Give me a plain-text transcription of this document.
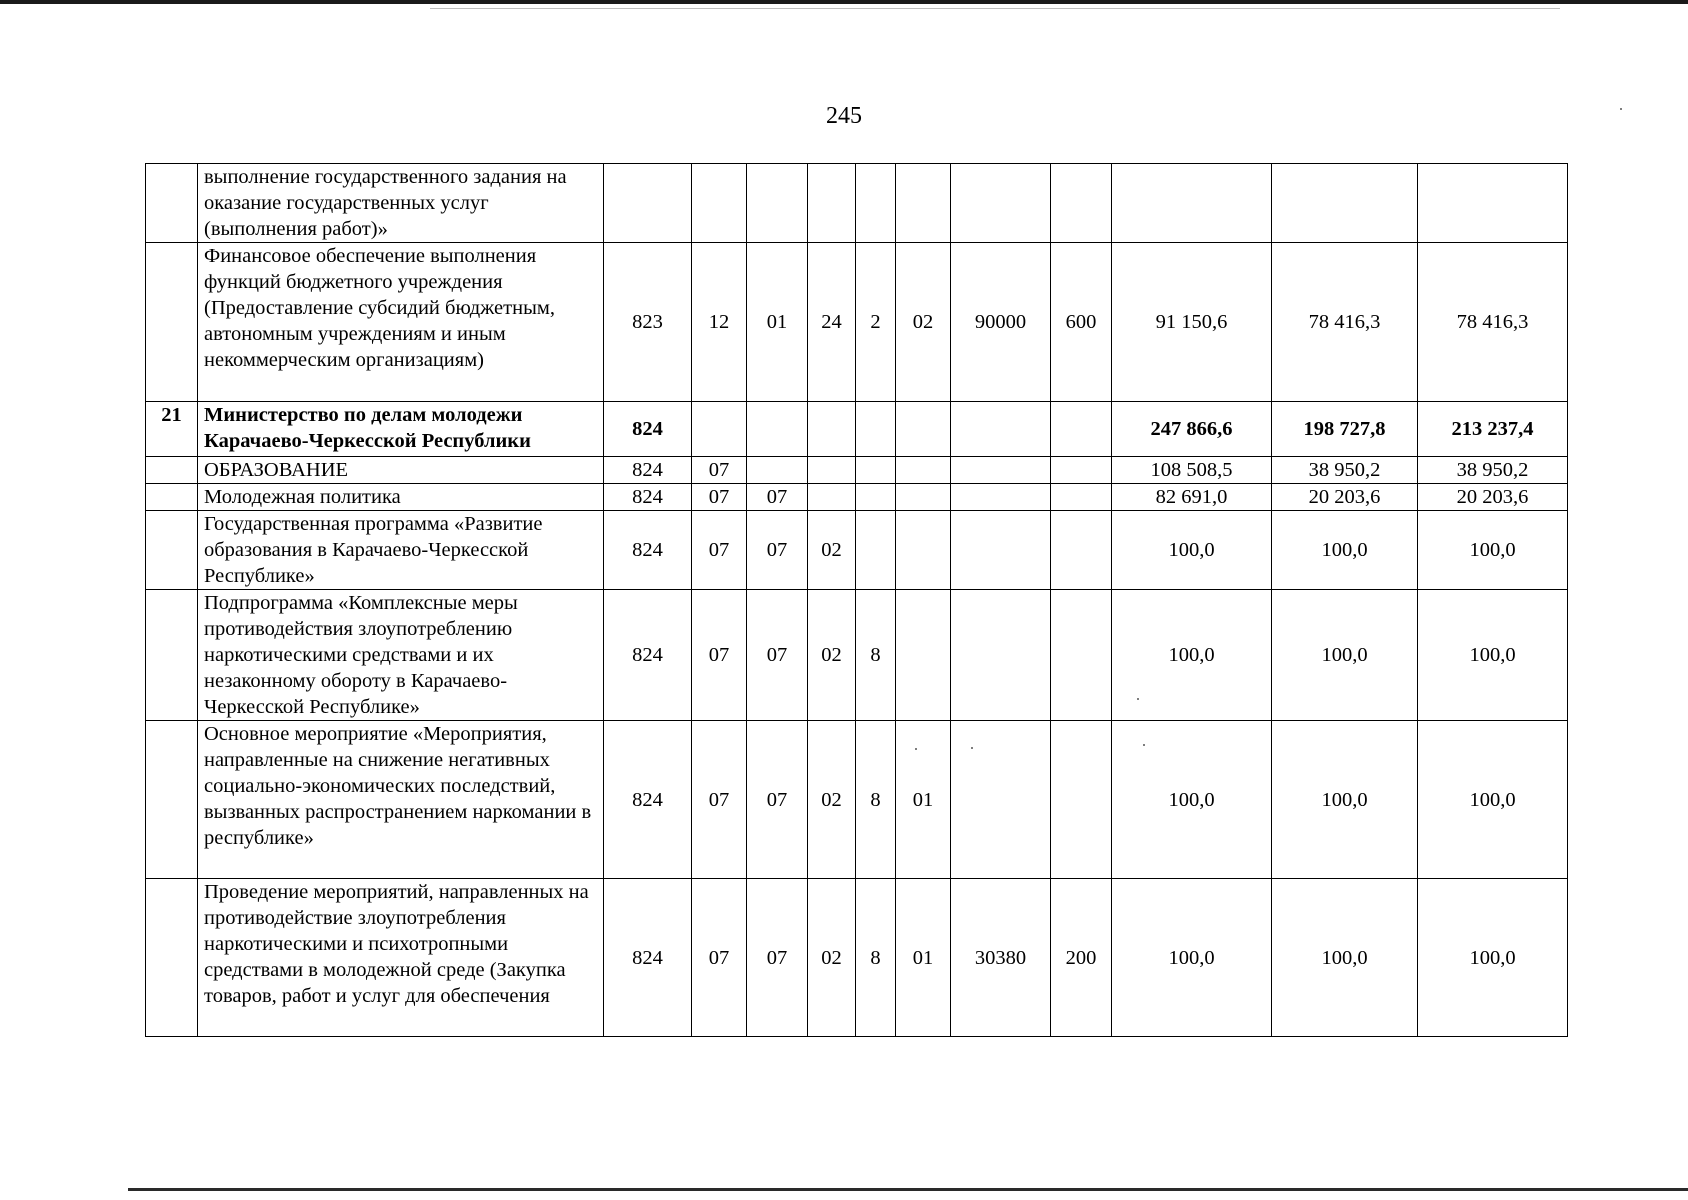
245
	выполнение государственного задания на оказание государственных услуг (выполнения работ)»											
	Финансовое обеспечение выполнения функций бюджетного учреждения (Предоставление субсидий бюджетным, автономным учреждениям и иным некоммерческим организациям)	823	12	01	24	2	02	90000	600	91 150,6	78 416,3	78 416,3
21	Министерство по делам молодежи Карачаево-Черкесской Республики	824								247 866,6	198 727,8	213 237,4
	ОБРАЗОВАНИЕ	824	07							108 508,5	38 950,2	38 950,2
	Молодежная политика	824	07	07						82 691,0	20 203,6	20 203,6
	Государственная программа «Развитие образования в Карачаево-Черкесской Республике»	824	07	07	02					100,0	100,0	100,0
	Подпрограмма «Комплексные меры противодействия злоупотреблению наркотическими средствами и их незаконному обороту в Карачаево-Черкесской Республике»	824	07	07	02	8				100,0	100,0	100,0
	Основное мероприятие «Мероприятия, направленные на снижение негативных социально-экономических последствий, вызванных распространением наркомании в республике»	824	07	07	02	8	01			100,0	100,0	100,0
	Проведение мероприятий, направленных на противодействие злоупотребления наркотическими и психотропными средствами в молодежной среде (Закупка товаров, работ и услуг для обеспечения	824	07	07	02	8	01	30380	200	100,0	100,0	100,0
